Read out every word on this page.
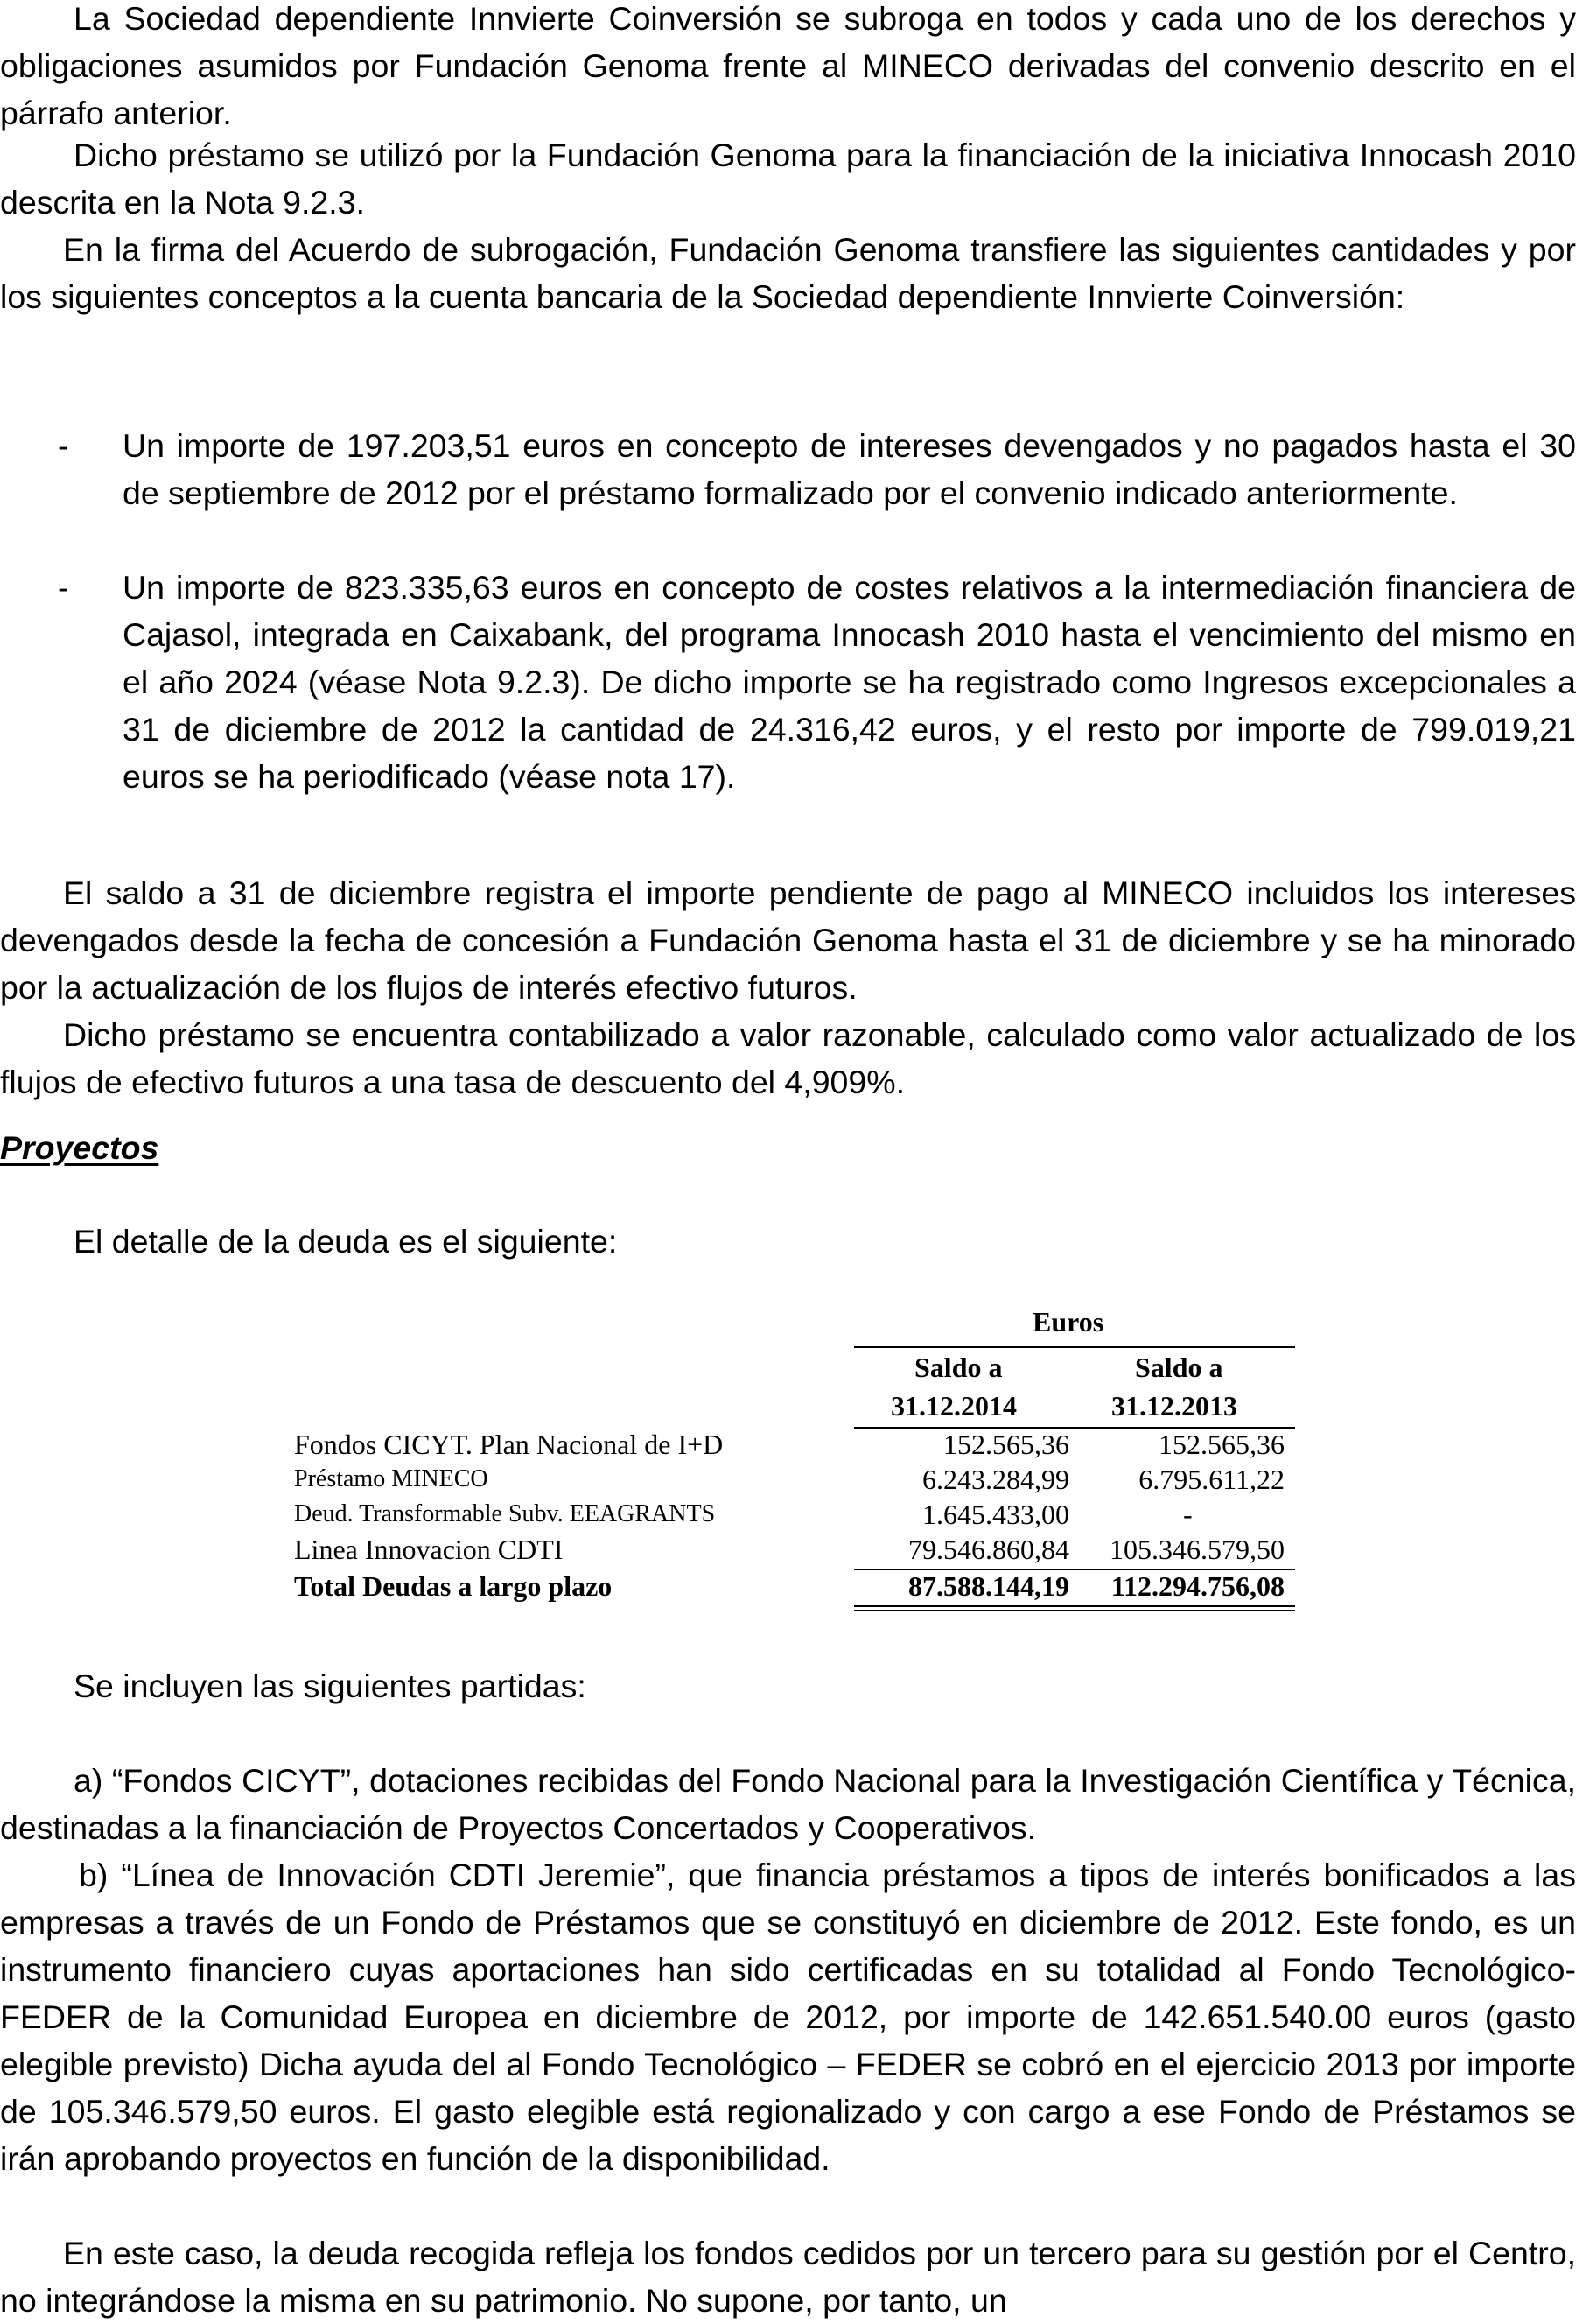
La Sociedad dependiente Innvierte Coinversión se subroga en todos y cada uno de los derechos y obligaciones asumidos por Fundación Genoma frente al MINECO derivadas del convenio descrito en el párrafo anterior.

Dicho préstamo se utilizó por la Fundación Genoma para la financiación de la iniciativa Innocash 2010 descrita en la Nota 9.2.3.

En la firma del Acuerdo de subrogación, Fundación Genoma transfiere las siguientes cantidades y por los siguientes conceptos a la cuenta bancaria de la Sociedad dependiente Innvierte Coinversión:

-	Un importe de 197.203,51 euros en concepto de intereses devengados y no pagados hasta el 30 de septiembre de 2012 por el préstamo formalizado por el convenio indicado anteriormente.

-	Un importe de 823.335,63 euros en concepto de costes relativos a la intermediación financiera de Cajasol, integrada en Caixabank, del programa Innocash 2010 hasta el vencimiento del mismo en el año 2024 (véase Nota 9.2.3). De dicho importe se ha registrado como Ingresos excepcionales a 31 de diciembre de 2012 la cantidad de 24.316,42 euros, y el resto por importe de 799.019,21 euros se ha periodificado (véase nota 17).

El saldo a 31 de diciembre registra el importe pendiente de pago al MINECO incluidos los intereses devengados desde la fecha de concesión a Fundación Genoma hasta el 31 de diciembre y se ha minorado por la actualización de los flujos de interés efectivo futuros.

Dicho préstamo se encuentra contabilizado a valor razonable, calculado como valor actualizado de los flujos de efectivo futuros a una tasa de descuento del 4,909%.

Proyectos
El detalle de la deuda es el siguiente:
Euros
Saldo a
31.12.2014
Saldo a
31.12.2013
Fondos CICYT. Plan Nacional de I+D	152.565,36	152.565,36
Préstamo MINECO	6.243.284,99 6.795.611,22
Deud. Transformable Subv. EEAGRANTS	1.645.433,00	-
Linea Innovacion CDTI	79.546.860,84 105.346.579,50
Total Deudas a largo plazo	87.588.144,19 112.294.756,08
Se incluyen las siguientes partidas:

a) “Fondos CICYT”, dotaciones recibidas del Fondo Nacional para la Investigación Científica y Técnica, destinadas a la financiación de Proyectos Concertados y Cooperativos.

b) “Línea de Innovación CDTI Jeremie”, que financia préstamos a tipos de interés bonificados a las empresas a través de un Fondo de Préstamos que se constituyó en diciembre de 2012. Este fondo, es un instrumento financiero cuyas aportaciones han sido certificadas en su totalidad al Fondo Tecnológico- FEDER de la Comunidad Europea en diciembre de 2012, por importe de 142.651.540.00 euros (gasto elegible previsto) Dicha ayuda del al Fondo Tecnológico – FEDER se cobró en el ejercicio 2013 por importe de 105.346.579,50 euros. El gasto elegible está regionalizado y con cargo a ese Fondo de Préstamos se irán aprobando proyectos en función de la disponibilidad.

En este caso, la deuda recogida refleja los fondos cedidos por un tercero para su gestión por el Centro, no integrándose la misma en su patrimonio. No supone, por tanto, un
